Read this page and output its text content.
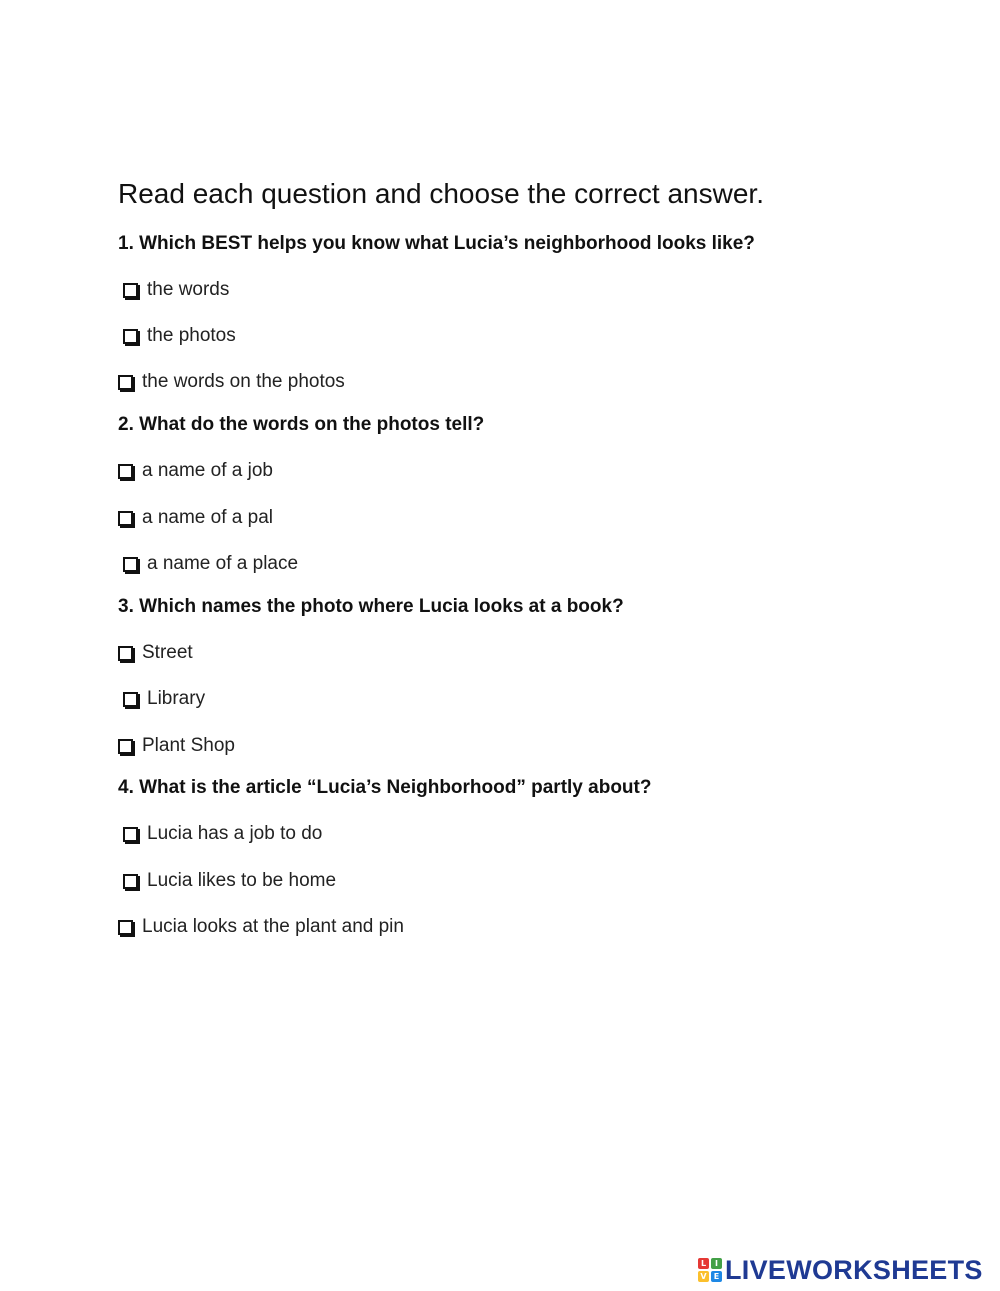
Read each question and choose the correct answer.
1. Which BEST helps you know what Lucia’s neighborhood looks like?
the words
the photos
the words on the photos
2. What do the words on the photos tell?
a name of a job
a name of a pal
a name of a place
3. Which names the photo where Lucia looks at a book?
Street
Library
Plant Shop
4. What is the article “Lucia’s Neighborhood” partly about?
Lucia has a job to do
Lucia likes to be home
Lucia looks at the plant and pin
L	I
V E LIVEWORKSHEETS
